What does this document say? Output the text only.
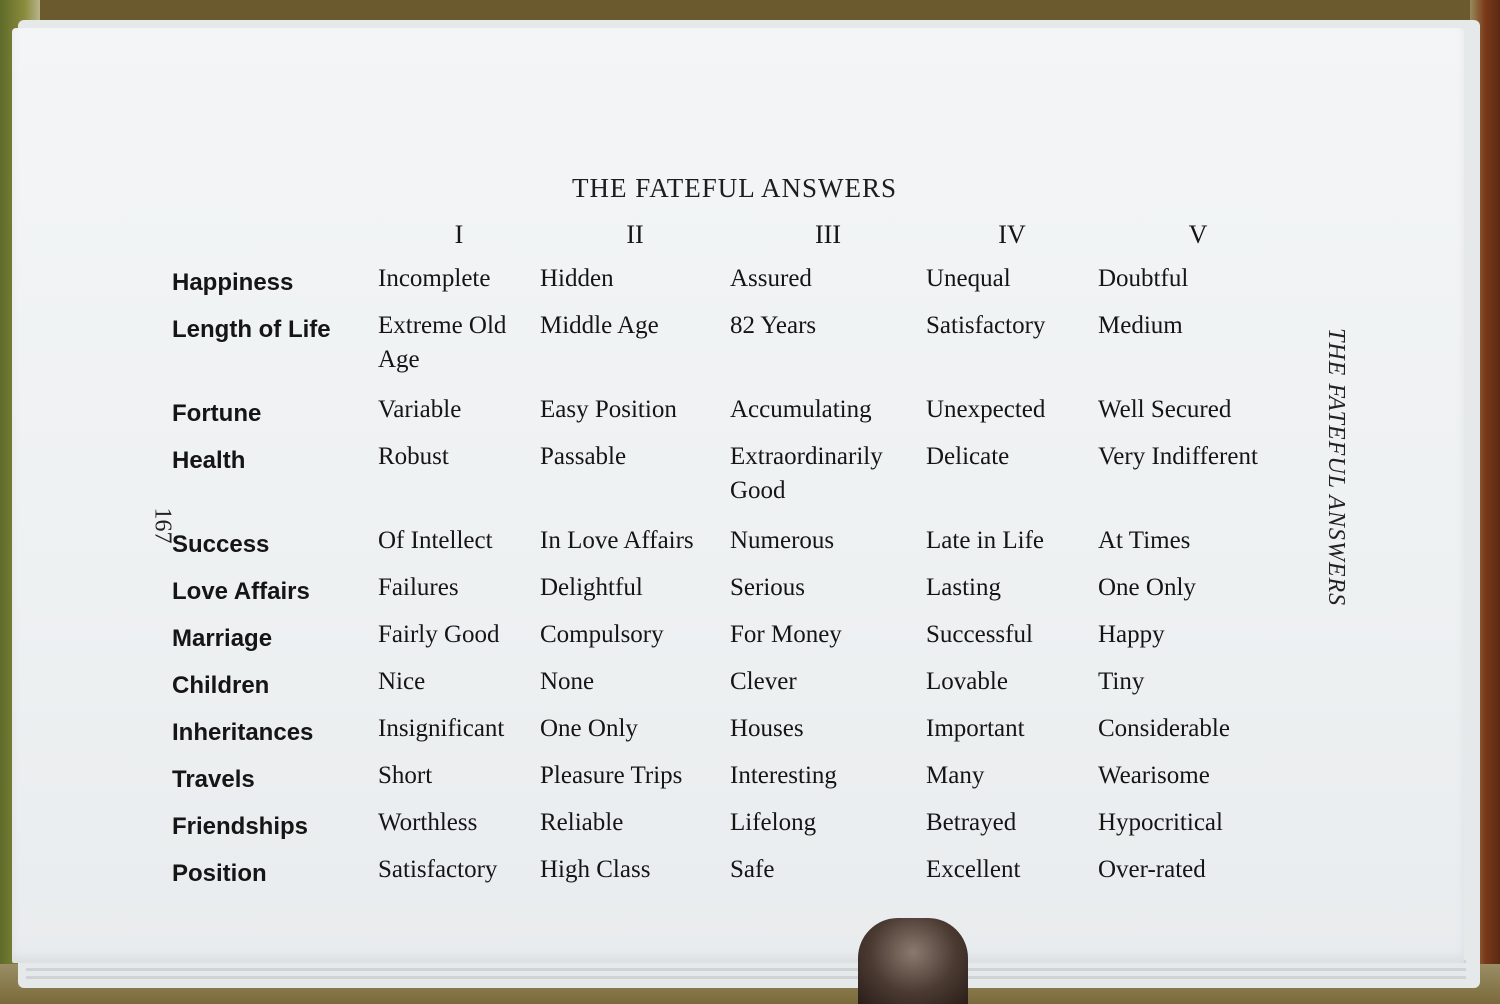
THE FATEFUL ANSWERS
THE FATEFUL ANSWERS
167
	I	II	III	IV	V
Happiness	Incomplete	Hidden	Assured	Unequal	Doubtful
Length of Life	Extreme Old Age	Middle Age	82 Years	Satisfactory	Medium
Fortune	Variable	Easy Position	Accumulating	Unexpected	Well Secured
Health	Robust	Passable	Extraordinarily Good	Delicate	Very Indifferent
Success	Of Intellect	In Love Affairs	Numerous	Late in Life	At Times
Love Affairs	Failures	Delightful	Serious	Lasting	One Only
Marriage	Fairly Good	Compulsory	For Money	Successful	Happy
Children	Nice	None	Clever	Lovable	Tiny
Inheritances	Insignificant	One Only	Houses	Important	Considerable
Travels	Short	Pleasure Trips	Interesting	Many	Wearisome
Friendships	Worthless	Reliable	Lifelong	Betrayed	Hypocritical
Position	Satisfactory	High Class	Safe	Excellent	Over-rated
